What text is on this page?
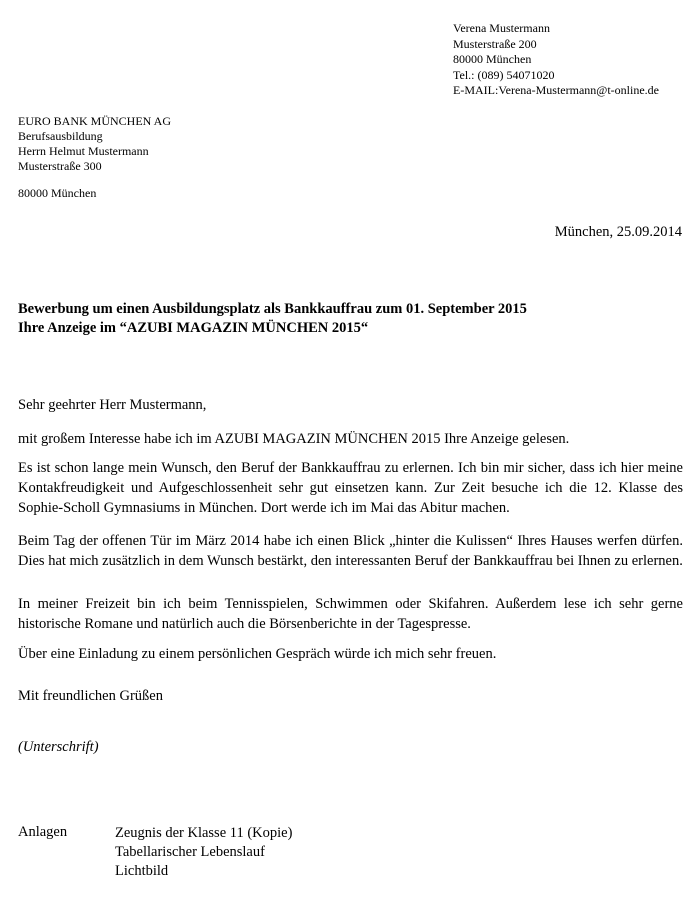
Verena Mustermann
Musterstraße 200
80000 München
Tel.: (089) 54071020
E-MAIL:Verena-Mustermann@t-online.de
EURO BANK MÜNCHEN AG
Berufsausbildung
Herrn Helmut Mustermann
Musterstraße 300
80000 München
München, 25.09.2014
Bewerbung um einen Ausbildungsplatz als Bankkauffrau zum 01. September 2015
Ihre Anzeige im “AZUBI MAGAZIN MÜNCHEN 2015“
Sehr geehrter Herr Mustermann,
mit großem Interesse habe ich im AZUBI MAGAZIN MÜNCHEN 2015 Ihre Anzeige gelesen.
Es ist schon lange mein Wunsch, den Beruf der Bankkauffrau zu erlernen. Ich bin mir sicher, dass ich hier meine Kontakfreudigkeit und Aufgeschlossenheit sehr gut einsetzen kann. Zur Zeit besuche ich die 12. Klasse des Sophie-Scholl Gymnasiums in München. Dort werde ich im Mai das Abitur machen.
Beim Tag der offenen Tür im März 2014 habe ich einen Blick „hinter die Kulissen“ Ihres Hauses werfen dürfen. Dies hat mich zusätzlich in dem Wunsch bestärkt, den interessanten Beruf der Bankkauffrau bei Ihnen zu erlernen.
In meiner Freizeit bin ich beim Tennisspielen, Schwimmen oder Skifahren. Außerdem lese ich sehr gerne historische Romane und natürlich auch die Börsenberichte in der Tagespresse.
Über eine Einladung zu einem persönlichen Gespräch würde ich mich sehr freuen.
Mit freundlichen Grüßen
(Unterschrift)
Anlagen	Zeugnis der Klasse 11 (Kopie)
Tabellarischer Lebenslauf
Lichtbild
